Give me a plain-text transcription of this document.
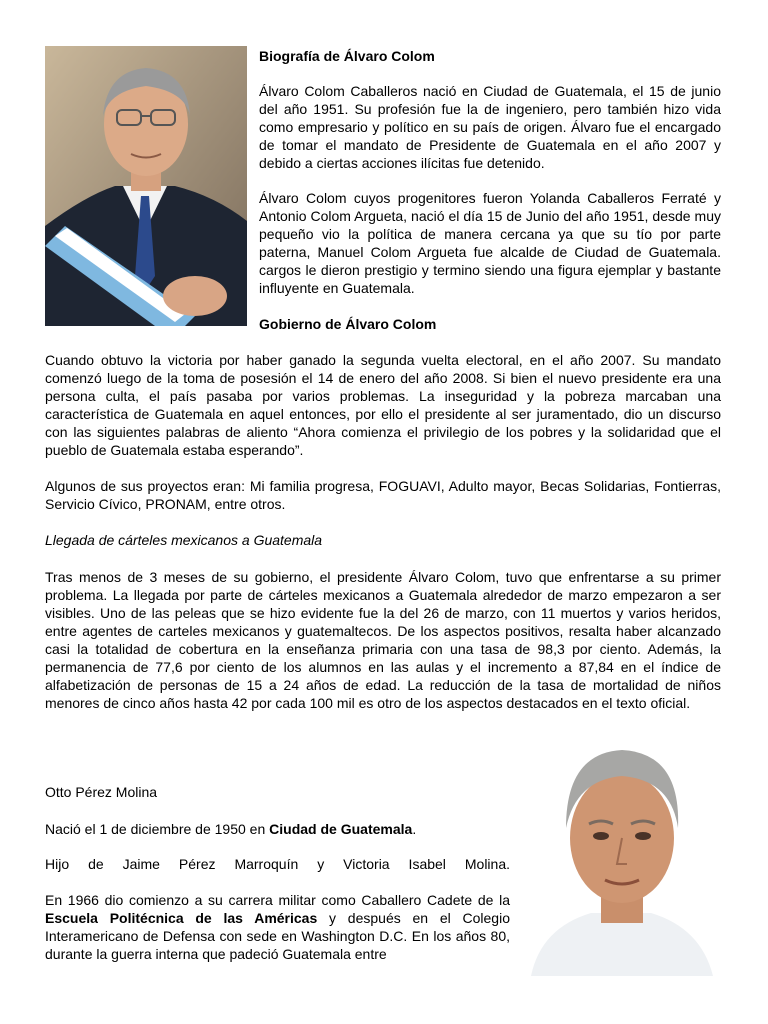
Biografía de Álvaro Colom

Álvaro Colom Caballeros nació en Ciudad de Guatemala, el 15 de junio del año 1951. Su profesión fue la de ingeniero, pero también hizo vida como empresario y político en su país de origen. Álvaro fue el encargado de tomar el mandato de Presidente de Guatemala en el año 2007 y debido a ciertas acciones ilícitas fue detenido.

Álvaro Colom cuyos progenitores fueron Yolanda Caballeros Ferraté y Antonio Colom Argueta, nació el día 15 de Junio del año 1951, desde muy pequeño vio la política de manera cercana ya que su tío por parte paterna, Manuel Colom Argueta fue alcalde de Ciudad de Guatemala. cargos le dieron prestigio y termino siendo una figura ejemplar y bastante influyente en Guatemala.

Gobierno de Álvaro Colom

Cuando obtuvo la victoria por haber ganado la segunda vuelta electoral, en el año 2007. Su mandato comenzó luego de la toma de posesión el 14 de enero del año 2008. Si bien el nuevo presidente era una persona culta, el país pasaba por varios problemas. La inseguridad y la pobreza marcaban una característica de Guatemala en aquel entonces, por ello el presidente al ser juramentado, dio un discurso con las siguientes palabras de aliento “Ahora comienza el privilegio de los pobres y la solidaridad que el pueblo de Guatemala estaba esperando”.

Algunos de sus proyectos eran: Mi familia progresa, FOGUAVI, Adulto mayor, Becas Solidarias, Fontierras, Servicio Cívico, PRONAM, entre otros.

Llegada de cárteles mexicanos a Guatemala

Tras menos de 3 meses de su gobierno, el presidente Álvaro Colom, tuvo que enfrentarse a su primer problema. La llegada por parte de cárteles mexicanos a Guatemala alrededor de marzo empezaron a ser visibles. Uno de las peleas que se hizo evidente fue la del 26 de marzo, con 11 muertos y varios heridos, entre agentes de carteles mexicanos y guatemaltecos. De los aspectos positivos, resalta haber alcanzado casi la totalidad de cobertura en la enseñanza primaria con una tasa de 98,3 por ciento. Además, la permanencia de 77,6 por ciento de los alumnos en las aulas y el incremento a 87,84 en el índice de alfabetización de personas de 15 a 24 años de edad. La reducción de la tasa de mortalidad de niños menores de cinco años hasta 42 por cada 100 mil es otro de los aspectos destacados en el texto oficial.

Otto Pérez Molina

Nació el 1 de diciembre de 1950 en Ciudad de Guatemala.

Hijo de Jaime Pérez Marroquín y Victoria Isabel Molina.

En 1966 dio comienzo a su carrera militar como Caballero Cadete de la Escuela Politécnica de las Américas y después en el Colegio Interamericano de Defensa con sede en Washington D.C. En los años 80, durante la guerra interna que padeció Guatemala entre
